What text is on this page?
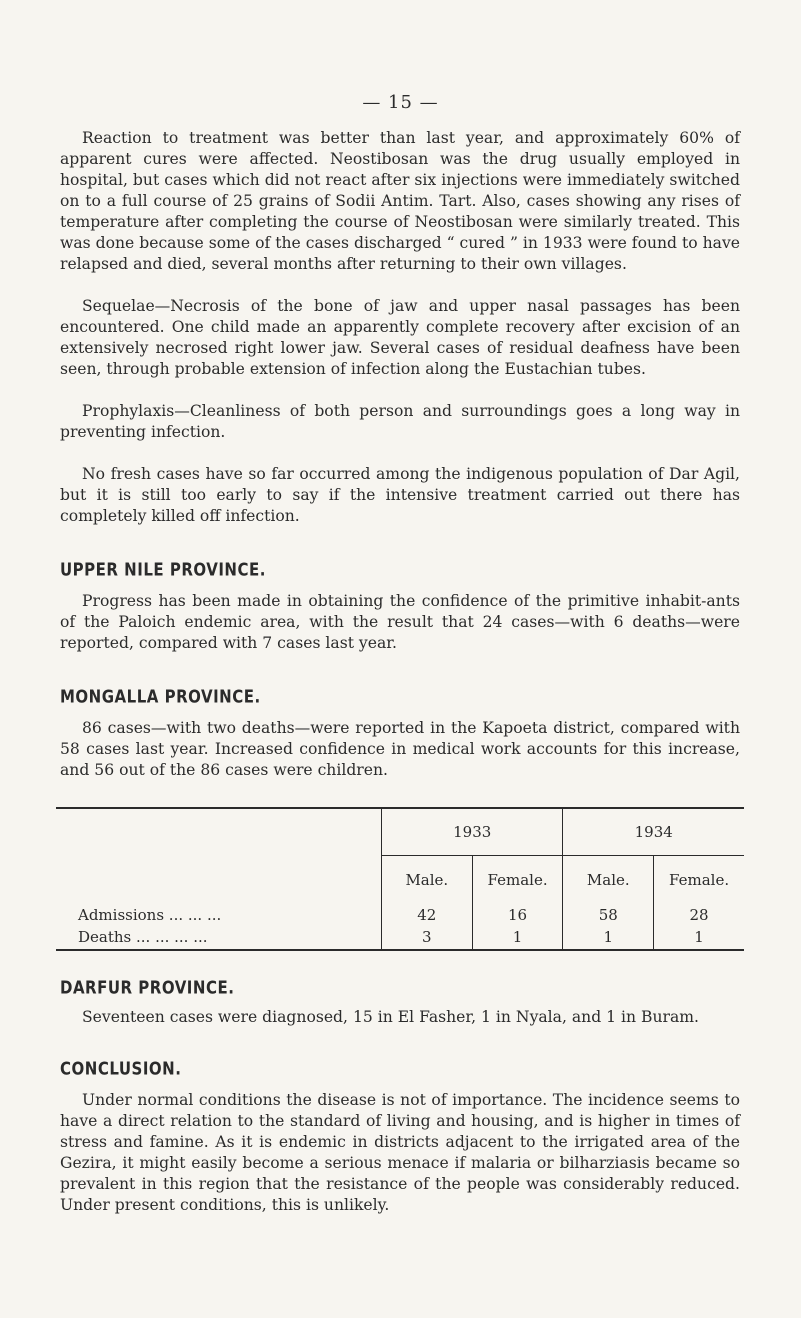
— 15 —

Reaction to treatment was better than last year, and approximately 60% of apparent cures were affected. Neostibosan was the drug usually employed in hospital, but cases which did not react after six injections were immediately switched on to a full course of 25 grains of Sodii Antim. Tart. Also, cases showing any rises of temperature after completing the course of Neostibosan were similarly treated. This was done because some of the cases discharged “ cured ” in 1933 were found to have relapsed and died, several months after returning to their own villages.

Sequelae—Necrosis of the bone of jaw and upper nasal passages has been encountered. One child made an apparently complete recovery after excision of an extensively necrosed right lower jaw. Several cases of residual deafness have been seen, through probable extension of infection along the Eustachian tubes.

Prophylaxis—Cleanliness of both person and surroundings goes a long way in preventing infection.

No fresh cases have so far occurred among the indigenous population of Dar Agil, but it is still too early to say if the intensive treatment carried out there has completely killed off infection.

UPPER NILE PROVINCE.

Progress has been made in obtaining the confidence of the primitive inhabit-ants of the Paloich endemic area, with the result that 24 cases—with 6 deaths—were reported, compared with 7 cases last year.

MONGALLA PROVINCE.

86 cases—with two deaths—were reported in the Kapoeta district, compared with 58 cases last year. Increased confidence in medical work accounts for this increase, and 56 out of the 86 cases were children.

	1933		1934	
	Male.	Female.	Male.	Female.
Admissions ... ... ...	42	16	58	28
Deaths ... ... ... ...	3	1	1	1
DARFUR PROVINCE.

Seventeen cases were diagnosed, 15 in El Fasher, 1 in Nyala, and 1 in Buram.

CONCLUSION.

Under normal conditions the disease is not of importance. The incidence seems to have a direct relation to the standard of living and housing, and is higher in times of stress and famine. As it is endemic in districts adjacent to the irrigated area of the Gezira, it might easily become a serious menace if malaria or bilharziasis became so prevalent in this region that the resistance of the people was considerably reduced. Under present conditions, this is unlikely.
